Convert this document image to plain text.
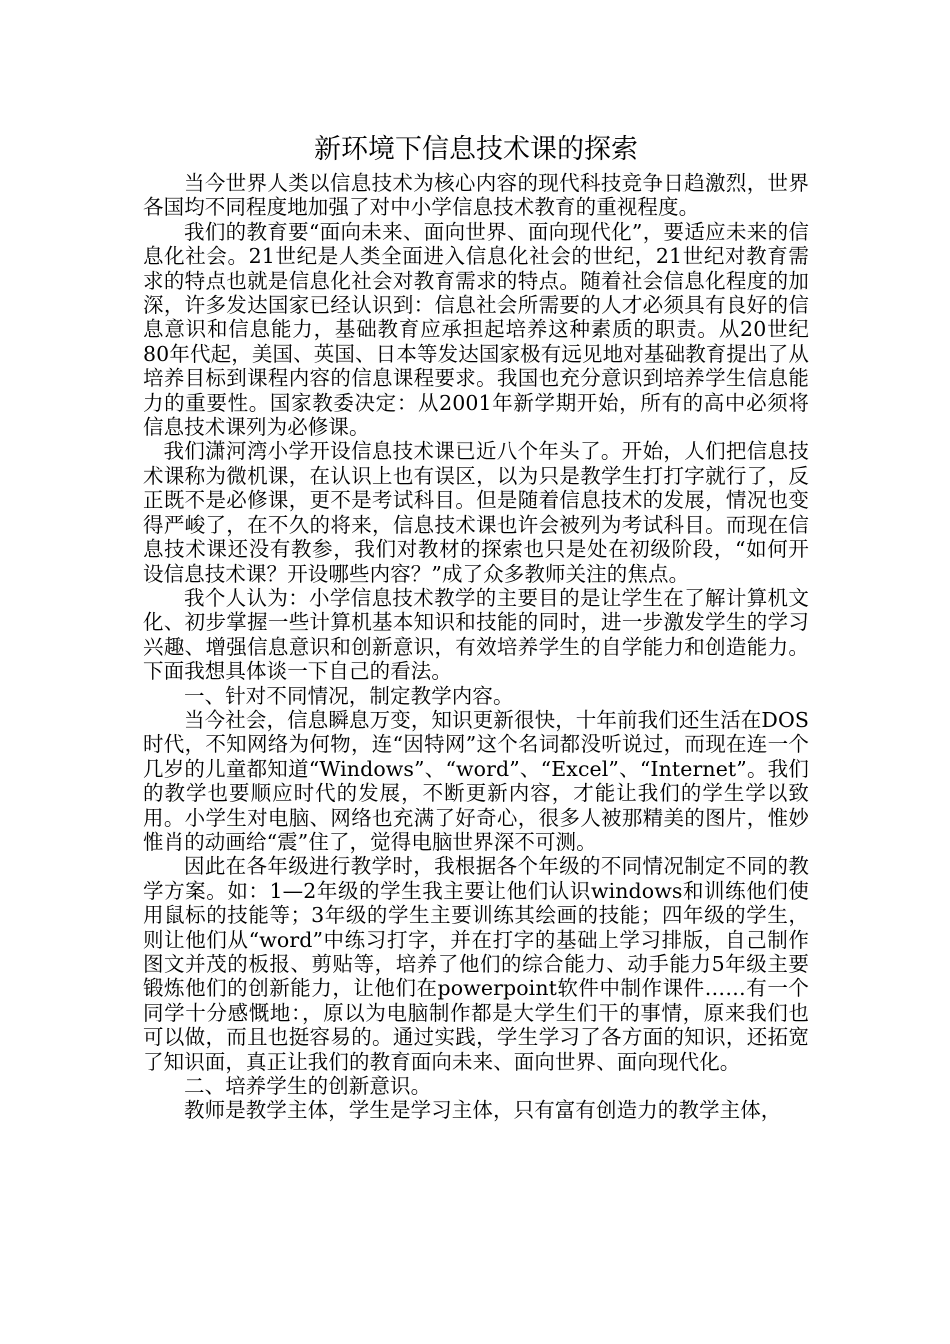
新环境下信息技术课的探索

当今世界人类以信息技术为核心内容的现代科技竞争日趋激烈，世界各国均不同程度地加强了对中小学信息技术教育的重视程度。

我们的教育要“面向未来、面向世界、面向现代化”，要适应未来的信息化社会。21世纪是人类全面进入信息化社会的世纪，21世纪对教育需求的特点也就是信息化社会对教育需求的特点。随着社会信息化程度的加深，许多发达国家已经认识到：信息社会所需要的人才必须具有良好的信息意识和信息能力，基础教育应承担起培养这种素质的职责。从20世纪80年代起，美国、英国、日本等发达国家极有远见地对基础教育提出了从培养目标到课程内容的信息课程要求。我国也充分意识到培养学生信息能力的重要性。国家教委决定：从2001年新学期开始，所有的高中必须将信息技术课列为必修课。

我们潇河湾小学开设信息技术课已近八个年头了。开始，人们把信息技术课称为微机课，在认识上也有误区，以为只是教学生打打字就行了，反正既不是必修课，更不是考试科目。但是随着信息技术的发展，情况也变得严峻了，在不久的将来，信息技术课也许会被列为考试科目。而现在信息技术课还没有教参，我们对教材的探索也只是处在初级阶段，“如何开设信息技术课？开设哪些内容？”成了众多教师关注的焦点。

我个人认为：小学信息技术教学的主要目的是让学生在了解计算机文化、初步掌握一些计算机基本知识和技能的同时，进一步激发学生的学习兴趣、增强信息意识和创新意识，有效培养学生的自学能力和创造能力。下面我想具体谈一下自己的看法。

一、针对不同情况，制定教学内容。

当今社会，信息瞬息万变，知识更新很快，十年前我们还生活在DOS时代，不知网络为何物，连“因特网”这个名词都没听说过，而现在连一个几岁的儿童都知道“Windows”、“word”、“Excel”、“Internet”。我们的教学也要顺应时代的发展，不断更新内容，才能让我们的学生学以致用。小学生对电脑、网络也充满了好奇心，很多人被那精美的图片，惟妙惟肖的动画给“震”住了，觉得电脑世界深不可测。

因此在各年级进行教学时，我根据各个年级的不同情况制定不同的教学方案。如：1—2年级的学生我主要让他们认识windows和训练他们使用鼠标的技能等；3年级的学生主要训练其绘画的技能；四年级的学生，则让他们从“word”中练习打字，并在打字的基础上学习排版，自己制作图文并茂的板报、剪贴等，培养了他们的综合能力、动手能力5年级主要锻炼他们的创新能力，让他们在powerpoint软件中制作课件……有一个同学十分感慨地：，原以为电脑制作都是大学生们干的事情，原来我们也可以做，而且也挺容易的。通过实践，学生学习了各方面的知识，还拓宽了知识面，真正让我们的教育面向未来、面向世界、面向现代化。

二、培养学生的创新意识。

教师是教学主体，学生是学习主体，只有富有创造力的教学主体，
